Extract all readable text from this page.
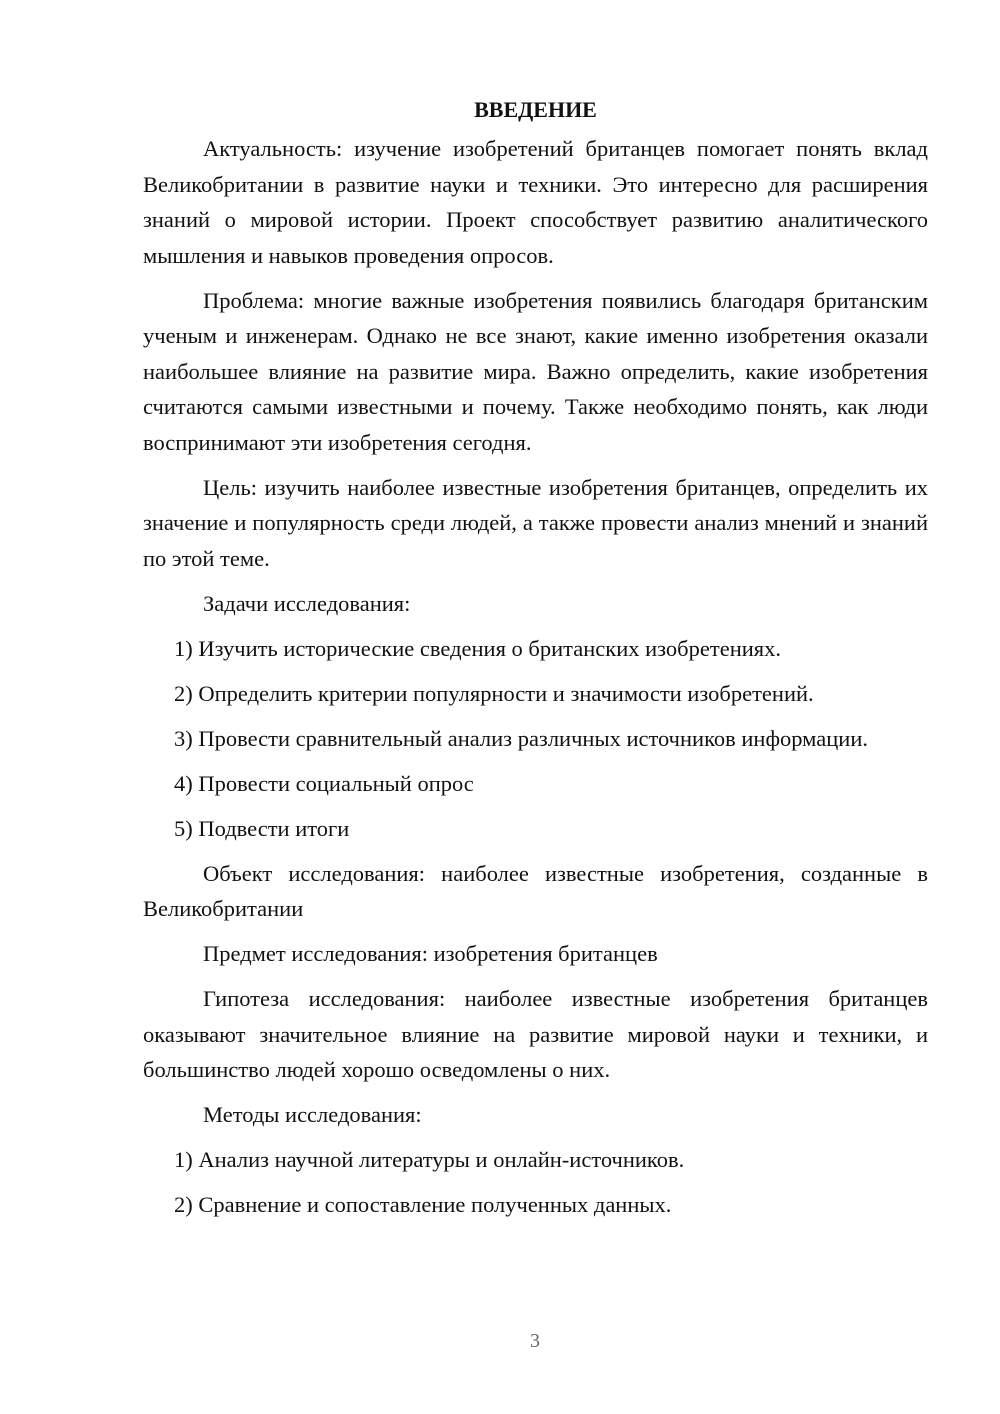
ВВЕДЕНИЕ
Актуальность: изучение изобретений британцев помогает понять вклад Великобритании в развитие науки и техники. Это интересно для расширения знаний о мировой истории. Проект способствует развитию аналитического мышления и навыков проведения опросов.
Проблема: многие важные изобретения появились благодаря британским ученым и инженерам. Однако не все знают, какие именно изобретения оказали наибольшее влияние на развитие мира. Важно определить, какие изобретения считаются самыми известными и почему. Также необходимо понять, как люди воспринимают эти изобретения сегодня.
Цель: изучить наиболее известные изобретения британцев, определить их значение и популярность среди людей, а также провести анализ мнений и знаний по этой теме.
Задачи исследования:
1) Изучить исторические сведения о британских изобретениях.
2) Определить критерии популярности и значимости изобретений.
3) Провести сравнительный анализ различных источников информации.
4) Провести социальный опрос
5) Подвести итоги
Объект исследования: наиболее известные изобретения, созданные в Великобритании
Предмет исследования: изобретения британцев
Гипотеза исследования: наиболее известные изобретения британцев оказывают значительное влияние на развитие мировой науки и техники, и большинство людей хорошо осведомлены о них.
Методы исследования:
1) Анализ научной литературы и онлайн-источников.
2) Сравнение и сопоставление полученных данных.
3
